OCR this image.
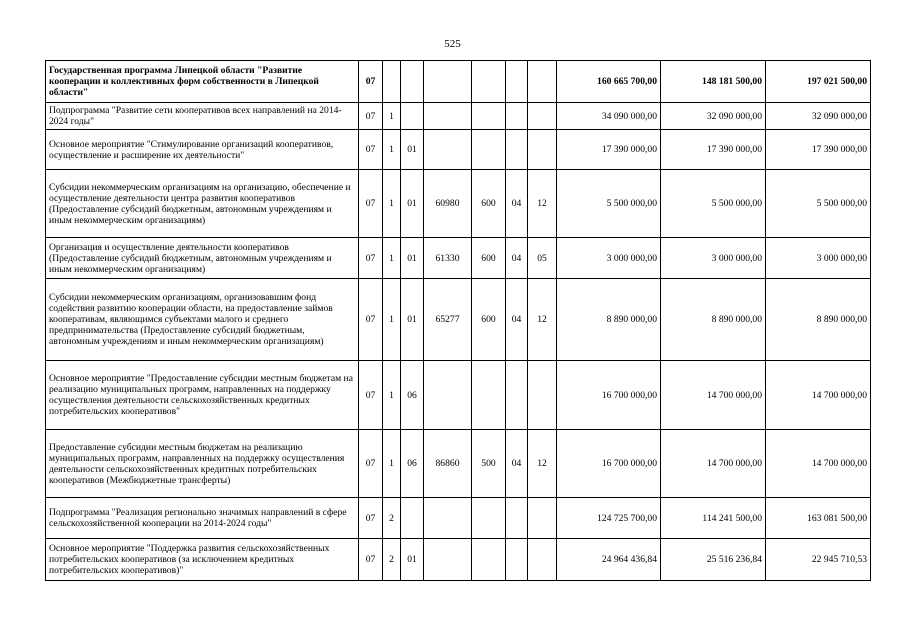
525
Государственная программа Липецкой области "Развитие кооперации и коллективных форм собственности в Липецкой области"	07							160 665 700,00	148 181 500,00	197 021 500,00
Подпрограмма "Развитие сети кооперативов всех направлений на 2014-2024 годы"	07	1						34 090 000,00	32 090 000,00	32 090 000,00
Основное мероприятие "Стимулирование организаций кооперативов, осуществление и расширение их деятельности"	07	1	01					17 390 000,00	17 390 000,00	17 390 000,00
Субсидии некоммерческим организациям на организацию, обеспечение и осуществление деятельности центра развития кооперативов (Предоставление субсидий бюджетным, автономным учреждениям и иным некоммерческим организациям)	07	1	01	60980	600	04	12	5 500 000,00	5 500 000,00	5 500 000,00
Организация и осуществление деятельности кооперативов (Предоставление субсидий бюджетным, автономным учреждениям и иным некоммерческим организациям)	07	1	01	61330	600	04	05	3 000 000,00	3 000 000,00	3 000 000,00
Субсидии некоммерческим организациям, организовавшим фонд содействия развитию кооперации области, на предоставление займов кооперативам, являющимся субъектами малого и среднего предпринимательства (Предоставление субсидий бюджетным, автономным учреждениям и иным некоммерческим организациям)	07	1	01	65277	600	04	12	8 890 000,00	8 890 000,00	8 890 000,00
Основное мероприятие "Предоставление субсидии местным бюджетам на реализацию муниципальных программ, направленных на поддержку осуществления деятельности сельскохозяйственных кредитных потребительских кооперативов"	07	1	06					16 700 000,00	14 700 000,00	14 700 000,00
Предоставление субсидии местным бюджетам на реализацию муниципальных программ, направленных на поддержку осуществления деятельности сельскохозяйственных кредитных потребительских кооперативов (Межбюджетные трансферты)	07	1	06	86860	500	04	12	16 700 000,00	14 700 000,00	14 700 000,00
Подпрограмма "Реализация регионально значимых направлений в сфере сельскохозяйственной кооперации на 2014-2024 годы"	07	2						124 725 700,00	114 241 500,00	163 081 500,00
Основное мероприятие "Поддержка развития сельскохозяйственных потребительских кооперативов (за исключением кредитных потребительских кооперативов)"	07	2	01					24 964 436,84	25 516 236,84	22 945 710,53
